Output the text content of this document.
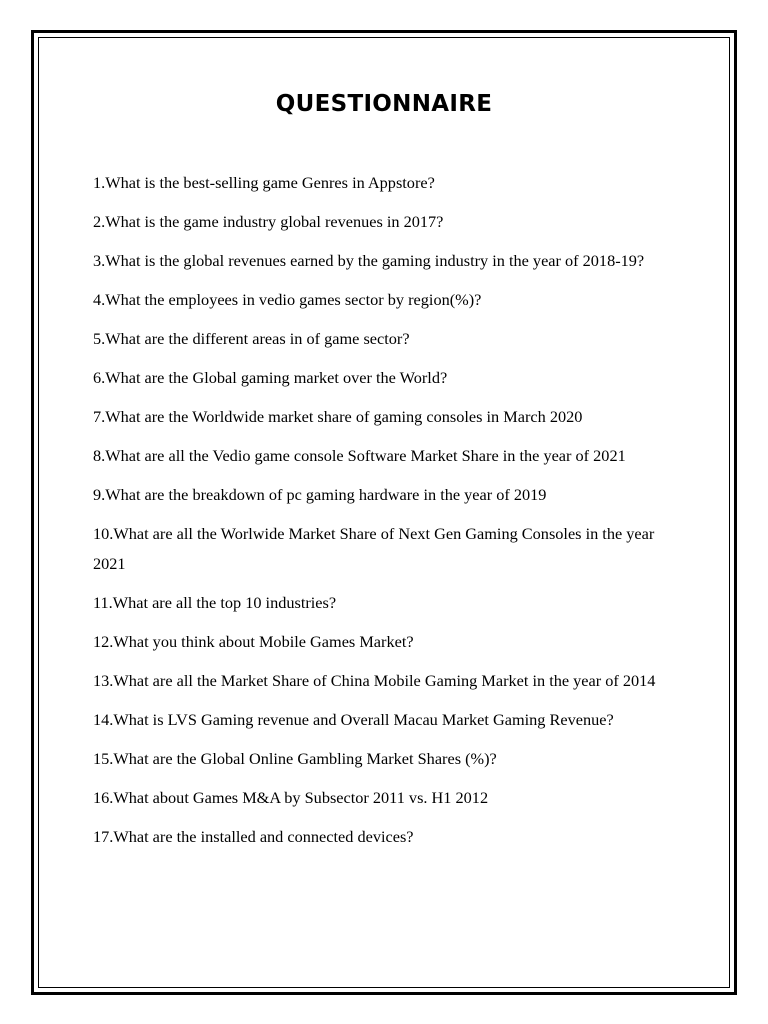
QUESTIONNAIRE
1.What is the best-selling game Genres in Appstore?
2.What is the game industry global revenues in 2017?
3.What is the global revenues earned by the gaming industry in the year of 2018-19?
4.What the employees in vedio games sector by region(%)?
5.What are the different areas in of game sector?
6.What are the Global gaming market over the World?
7.What are the Worldwide market share of gaming consoles in March 2020
8.What are all the Vedio game console Software Market Share in the year of 2021
9.What are the breakdown of pc gaming hardware in the year of 2019
10.What are all the Worlwide Market Share of Next Gen Gaming Consoles in the year 2021
11.What are all the top 10 industries?
12.What you think about Mobile Games Market?
13.What are all the Market Share of China Mobile Gaming Market in the year of 2014
14.What is LVS Gaming revenue and Overall Macau Market Gaming Revenue?
15.What are the Global Online Gambling Market Shares (%)?
16.What about Games M&A by Subsector 2011 vs. H1 2012
17.What are the installed and connected devices?
